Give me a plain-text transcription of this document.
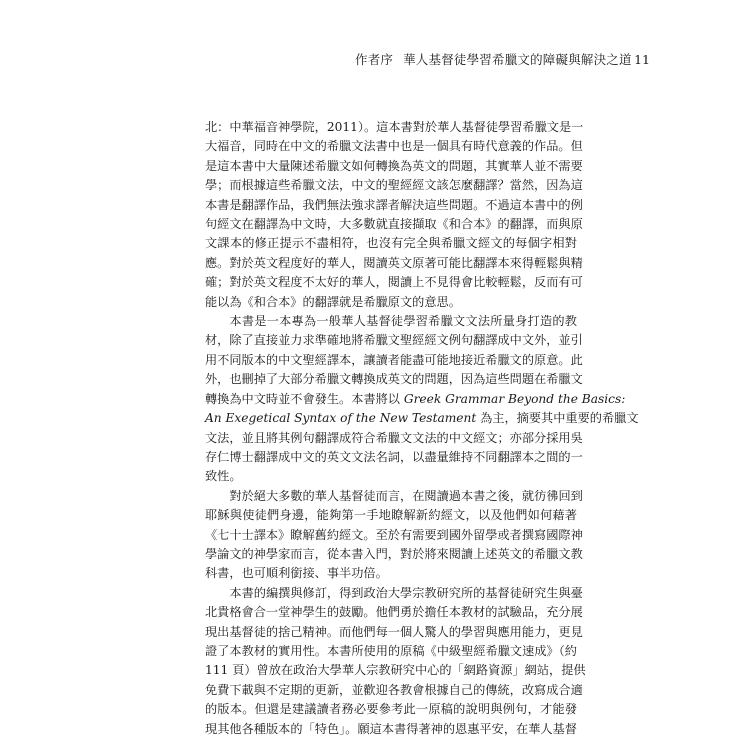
作者序 華人基督徒學習希臘文的障礙與解決之道 11
北：中華福音神學院，2011）。這本書對於華人基督徒學習希臘文是一
大福音，同時在中文的希臘文法書中也是一個具有時代意義的作品。但
是這本書中大量陳述希臘文如何轉換為英文的問題，其實華人並不需要
學；而根據這些希臘文法，中文的聖經經文該怎麼翻譯？當然，因為這
本書是翻譯作品，我們無法強求譯者解決這些問題。不過這本書中的例
句經文在翻譯為中文時，大多數就直接擷取《和合本》的翻譯，而與原
文課本的修正提示不盡相符，也沒有完全與希臘文經文的每個字相對
應。對於英文程度好的華人，閱讀英文原著可能比翻譯本來得輕鬆與精
確；對於英文程度不太好的華人，閱讀上不見得會比較輕鬆，反而有可
能以為《和合本》的翻譯就是希臘原文的意思。
本書是一本專為一般華人基督徒學習希臘文文法所量身打造的教
材，除了直接並力求準確地將希臘文聖經經文例句翻譯成中文外，並引
用不同版本的中文聖經譯本，讓讀者能盡可能地接近希臘文的原意。此
外，也刪掉了大部分希臘文轉換成英文的問題，因為這些問題在希臘文
轉換為中文時並不會發生。本書將以 Greek Grammar Beyond the Basics:
An Exegetical Syntax of the New Testament 為主，摘要其中重要的希臘文
文法，並且將其例句翻譯成符合希臘文文法的中文經文；亦部分採用吳
存仁博士翻譯成中文的英文文法名詞，以盡量維持不同翻譯本之間的一
致性。
對於絕大多數的華人基督徒而言，在閱讀過本書之後，就彷彿回到
耶穌與使徒們身邊，能夠第一手地瞭解新約經文，以及他們如何藉著
《七十士譯本》瞭解舊約經文。至於有需要到國外留學或者撰寫國際神
學論文的神學家而言，從本書入門，對於將來閱讀上述英文的希臘文教
科書，也可順利銜接、事半功倍。
本書的編撰與修訂，得到政治大學宗教研究所的基督徒研究生與臺
北貴格會合一堂神學生的鼓勵。他們勇於擔任本教材的試驗品，充分展
現出基督徒的捨己精神。而他們每一個人驚人的學習與應用能力，更見
證了本教材的實用性。本書所使用的原稿《中級聖經希臘文速成》（約
111 頁）曾放在政治大學華人宗教研究中心的「網路資源」網站，提供
免費下載與不定期的更新，並歡迎各教會根據自己的傳統，改寫成合適
的版本。但還是建議讀者務必要參考此一原稿的說明與例句，才能發
現其他各種版本的「特色」。願這本書得著神的恩惠平安，在華人基督
